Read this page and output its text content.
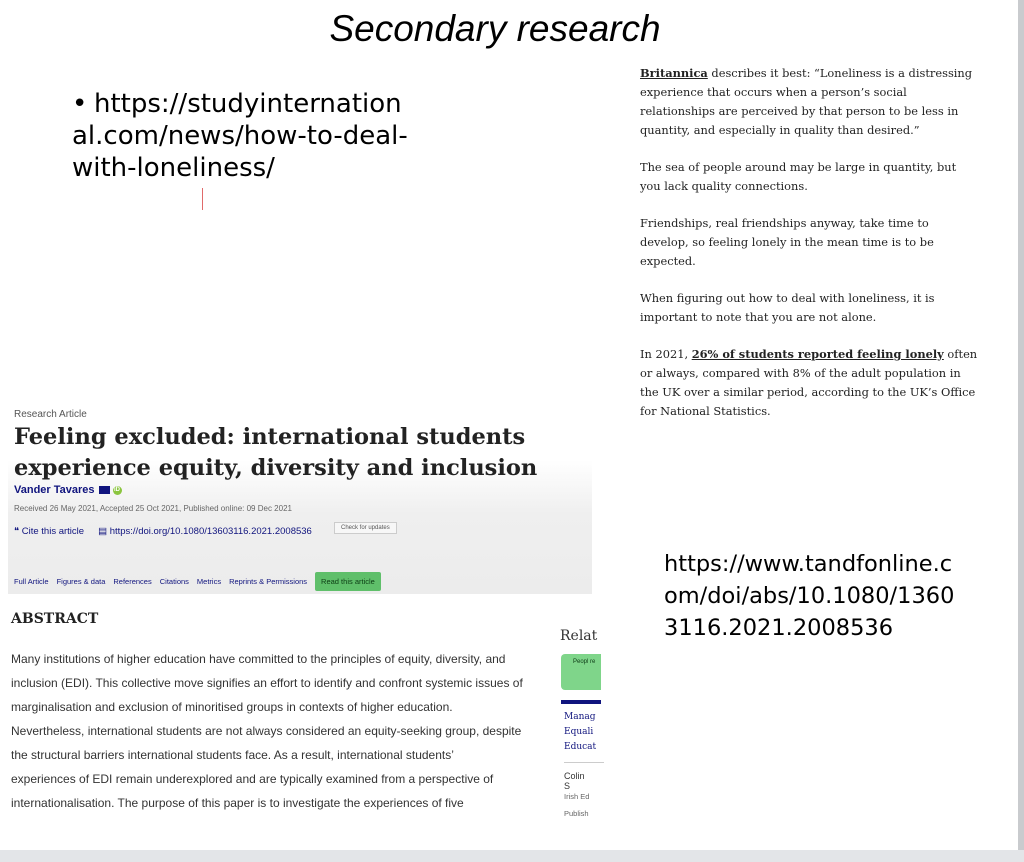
Secondary research
• https://studyinternation
al.com/news/how-to-deal-
with-loneliness/

Britannica describes it best: “Loneliness is a distressing experience that occurs when a person’s social relationships are perceived by that person to be less in quantity, and especially in quality than desired.”

The sea of people around may be large in quantity, but you lack quality connections.

Friendships, real friendships anyway, take time to develop, so feeling lonely in the mean time is to be expected.

When figuring out how to deal with loneliness, it is important to note that you are not alone.

In 2021, 26% of students reported feeling lonely often or always, compared with 8% of the adult population in the UK over a similar period, according to the UK’s Office for National Statistics.

Research Article
Feeling excluded: international students experience equity, diversity and inclusion
Vander Tavares	iD
Received 26 May 2021, Accepted 25 Oct 2021, Published online: 09 Dec 2021
❝ Cite this article ▤ https://doi.org/10.1080/13603116.2021.2008536	Check for updates
Full Article Figures & data References Citations Metrics Reprints & Permissions	Read this article
ABSTRACT
Many institutions of higher education have committed to the principles of equity, diversity, and
inclusion (EDI). This collective move signifies an effort to identify and confront systemic issues of
marginalisation and exclusion of minoritised groups in contexts of higher education.
Nevertheless, international students are not always considered an equity-seeking group, despite
the structural barriers international students face. As a result, international students’
experiences of EDI remain underexplored and are typically examined from a perspective of
internationalisation. The purpose of this paper is to investigate the experiences of five
Relat
Peopl re
Manag
Equali
Educat
Colin S
Irish Ed
Publish
https://www.tandfonline.c
om/doi/abs/10.1080/1360
3116.2021.2008536
